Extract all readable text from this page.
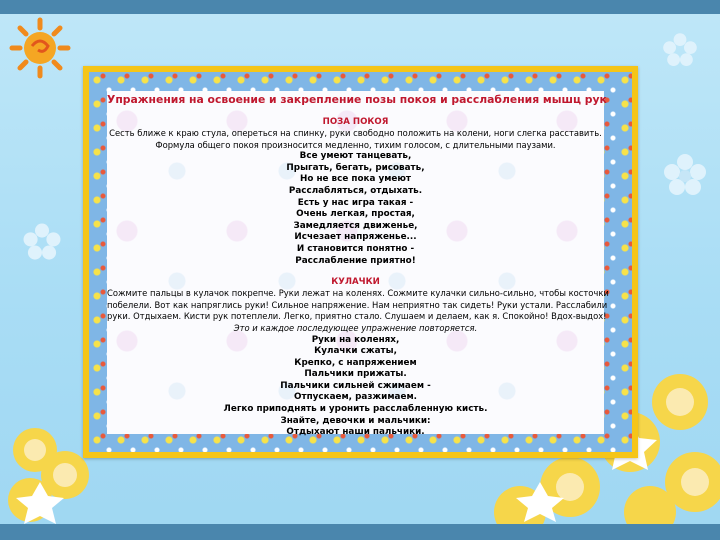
Упражнения на освоение и закрепление позы покоя и расслабления мышц рук

ПОЗА ПОКОЯ

Сесть ближе к краю стула, опереться на спинку, руки свободно положить на колени, ноги слегка расставить.

Формула общего покоя произносится медленно, тихим голосом, с длительными паузами.

Все умеют танцевать,

Прыгать, бегать, рисовать,

Но не все пока умеют

Расслабляться, отдыхать.

Есть у нас игра такая -

Очень легкая, простая,

Замедляется движенье,

Исчезает напряженье...

И становится понятно -

Расслабление приятно!

КУЛАЧКИ

Сожмите пальцы в кулачок покрепче. Руки лежат на коленях. Сожмите кулачки сильно-сильно, чтобы косточки

побелели. Вот как напряглись руки! Сильное напряжение. Нам неприятно так сидеть! Руки устали. Расслабили

руки. Отдыхаем. Кисти рук потеплели. Легко, приятно стало. Слушаем и делаем, как я. Спокойно! Вдох-выдох!

Это и каждое последующее упражнение повторяется.

Руки на коленях,

Кулачки сжаты,

Крепко, с напряжением

Пальчики прижаты.

Пальчики сильней сжимаем -

Отпускаем, разжимаем.

Легко приподнять и уронить расслабленную кисть.

Знайте, девочки и мальчики:

Отдыхают наши пальчики.
